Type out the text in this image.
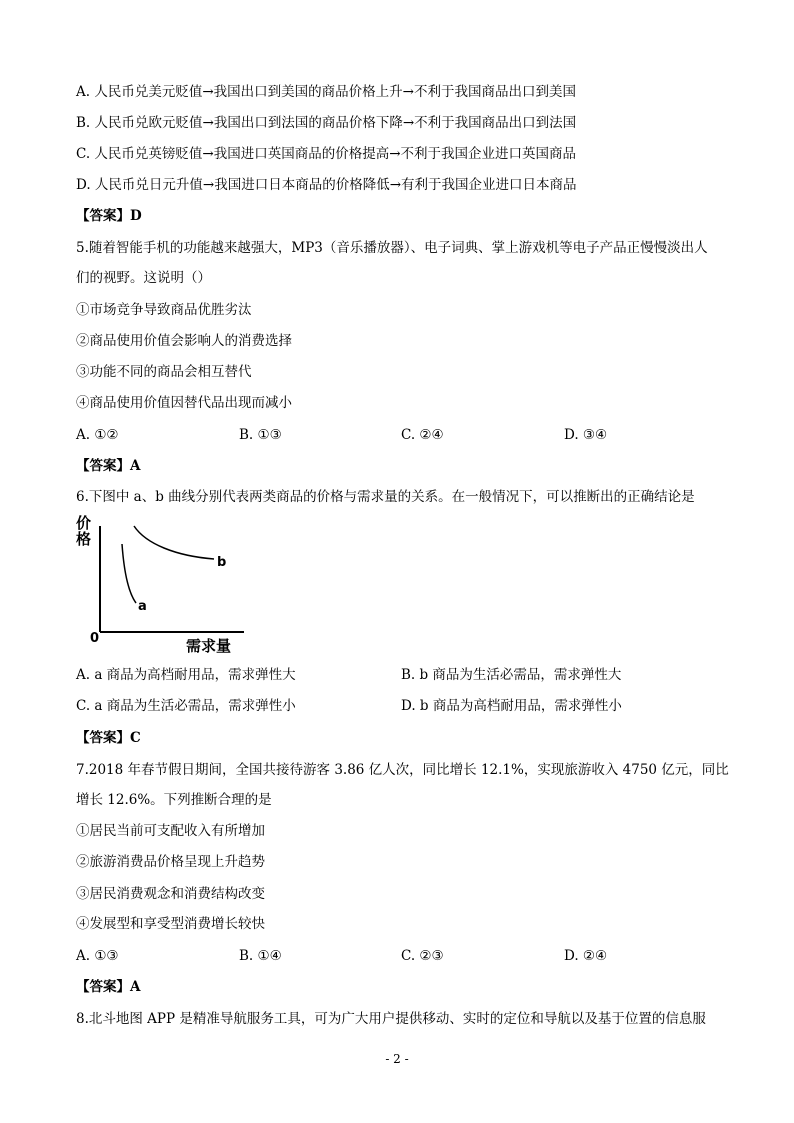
A. 人民币兑美元贬值→我国出口到美国的商品价格上升→不利于我国商品出口到美国
B. 人民币兑欧元贬值→我国出口到法国的商品价格下降→不利于我国商品出口到法国
C. 人民币兑英镑贬值→我国进口英国商品的价格提高→不利于我国企业进口英国商品
D. 人民币兑日元升值→我国进口日本商品的价格降低→有利于我国企业进口日本商品
【答案】D
5.随着智能手机的功能越来越强大，MP3（音乐播放器）、电子词典、掌上游戏机等电子产品正慢慢淡出人
们的视野。这说明（）
①市场竞争导致商品优胜劣汰
②商品使用价值会影响人的消费选择
③功能不同的商品会相互替代
④商品使用价值因替代品出现而减小
A. ①②	B. ①③	C. ②④	D. ③④
【答案】A
6.下图中 a、b 曲线分别代表两类商品的价格与需求量的关系。在一般情况下，可以推断出的正确结论是
价
格
0	需求量
a
b
A. a 商品为高档耐用品，需求弹性大	B. b 商品为生活必需品，需求弹性大
C. a 商品为生活必需品，需求弹性小	D. b 商品为高档耐用品，需求弹性小
【答案】C
7.2018 年春节假日期间，全国共接待游客 3.86 亿人次，同比增长 12.1%，实现旅游收入 4750 亿元，同比
增长 12.6%。下列推断合理的是
①居民当前可支配收入有所增加
②旅游消费品价格呈现上升趋势
③居民消费观念和消费结构改变
④发展型和享受型消费增长较快
A. ①③	B. ①④	C. ②③	D. ②④
【答案】A
8.北斗地图 APP 是精准导航服务工具，可为广大用户提供移动、实时的定位和导航以及基于位置的信息服
- 2 -
